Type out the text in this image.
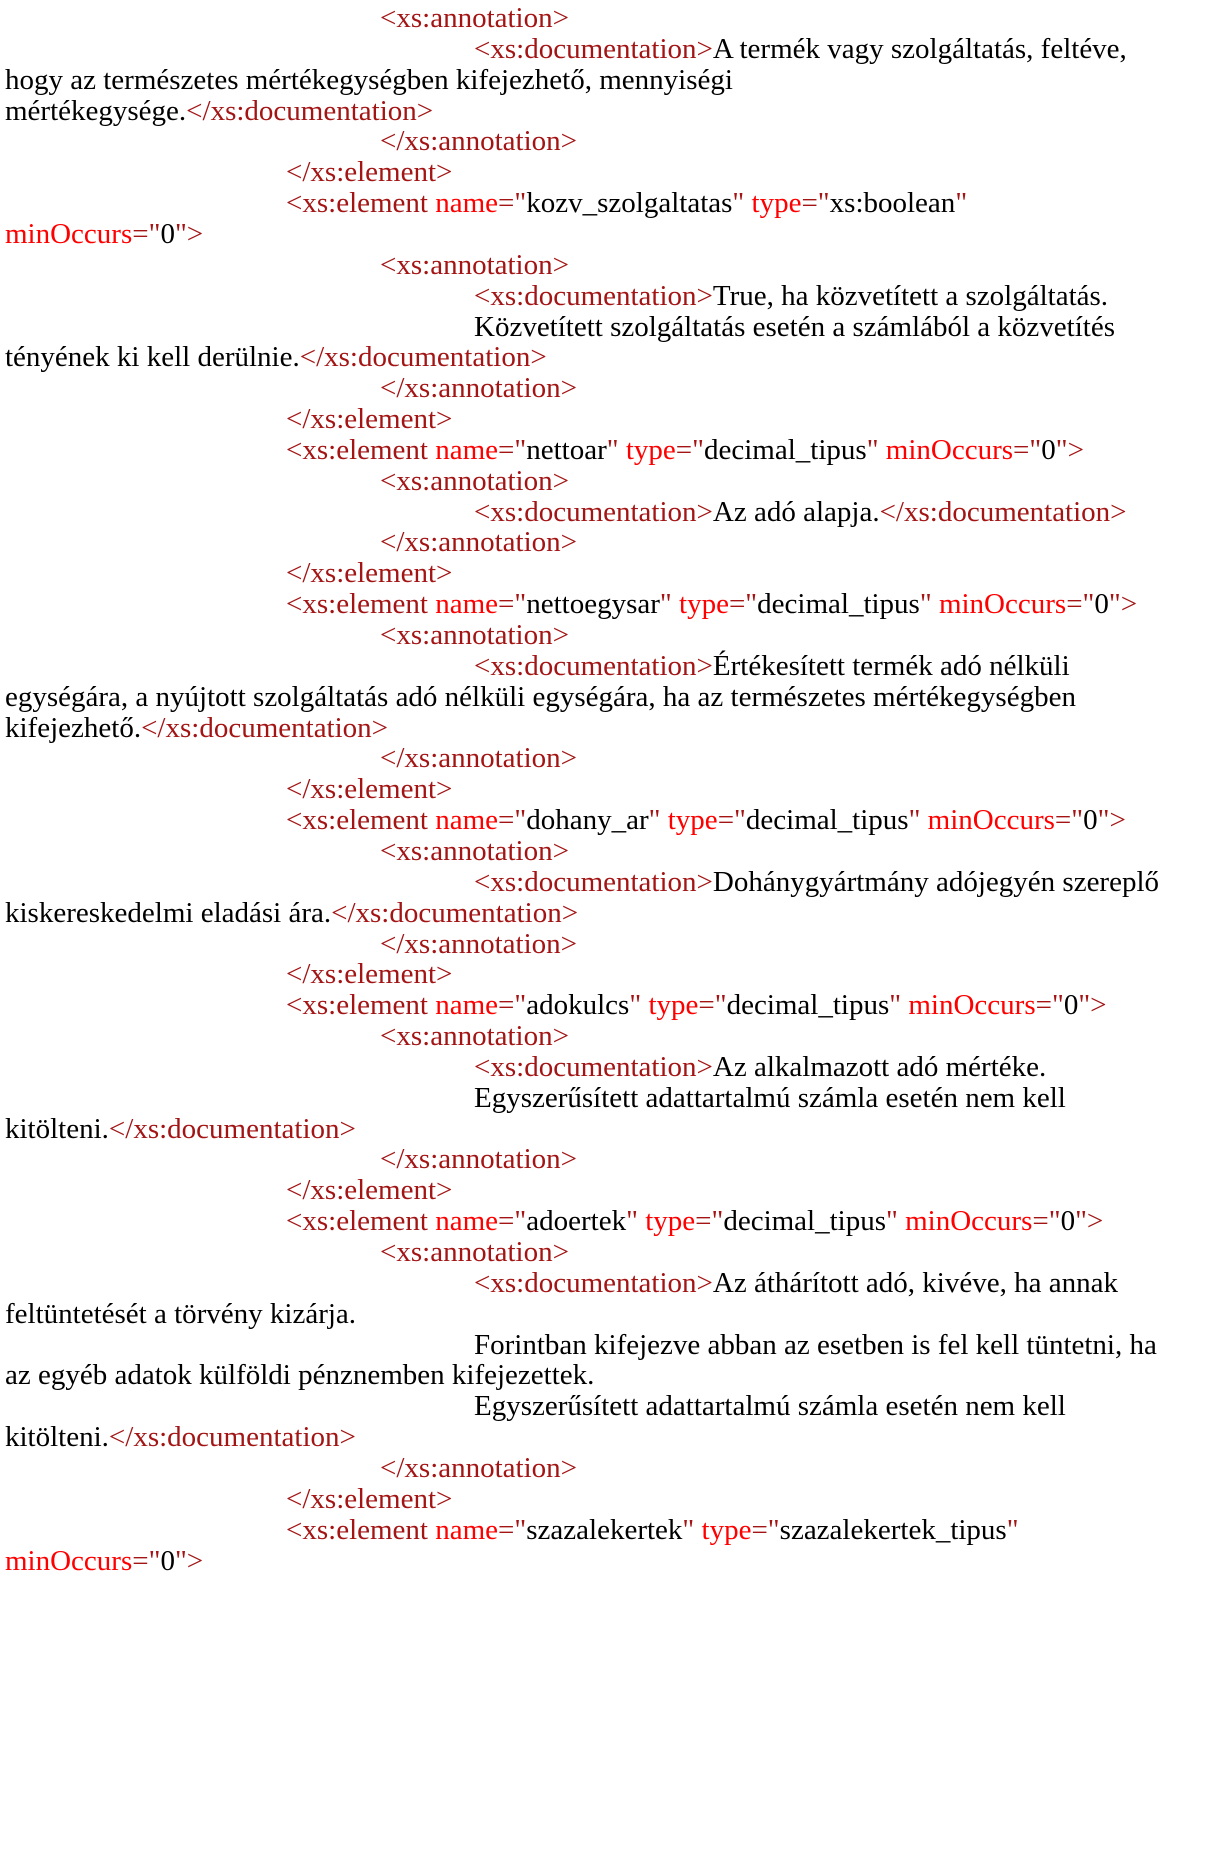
<xs:annotation>
<xs:documentation>A termék vagy szolgáltatás, feltéve,
hogy az természetes mértékegységben kifejezhető, mennyiségi
mértékegysége.</xs:documentation>
</xs:annotation>
</xs:element>
<xs:element name="kozv_szolgaltatas" type="xs:boolean"
minOccurs="0">
<xs:annotation>
<xs:documentation>True, ha közvetített a szolgáltatás.
Közvetített szolgáltatás esetén a számlából a közvetítés
tényének ki kell derülnie.</xs:documentation>
</xs:annotation>
</xs:element>
<xs:element name="nettoar" type="decimal_tipus" minOccurs="0">
<xs:annotation>
<xs:documentation>Az adó alapja.</xs:documentation>
</xs:annotation>
</xs:element>
<xs:element name="nettoegysar" type="decimal_tipus" minOccurs="0">
<xs:annotation>
<xs:documentation>Értékesített termék adó nélküli
egységára, a nyújtott szolgáltatás adó nélküli egységára, ha az természetes mértékegységben
kifejezhető.</xs:documentation>
</xs:annotation>
</xs:element>
<xs:element name="dohany_ar" type="decimal_tipus" minOccurs="0">
<xs:annotation>
<xs:documentation>Dohánygyártmány adójegyén szereplő
kiskereskedelmi eladási ára.</xs:documentation>
</xs:annotation>
</xs:element>
<xs:element name="adokulcs" type="decimal_tipus" minOccurs="0">
<xs:annotation>
<xs:documentation>Az alkalmazott adó mértéke.
Egyszerűsített adattartalmú számla esetén nem kell
kitölteni.</xs:documentation>
</xs:annotation>
</xs:element>
<xs:element name="adoertek" type="decimal_tipus" minOccurs="0">
<xs:annotation>
<xs:documentation>Az áthárított adó, kivéve, ha annak
feltüntetését a törvény kizárja.
Forintban kifejezve abban az esetben is fel kell tüntetni, ha
az egyéb adatok külföldi pénznemben kifejezettek.
Egyszerűsített adattartalmú számla esetén nem kell
kitölteni.</xs:documentation>
</xs:annotation>
</xs:element>
<xs:element name="szazalekertek" type="szazalekertek_tipus"
minOccurs="0">
